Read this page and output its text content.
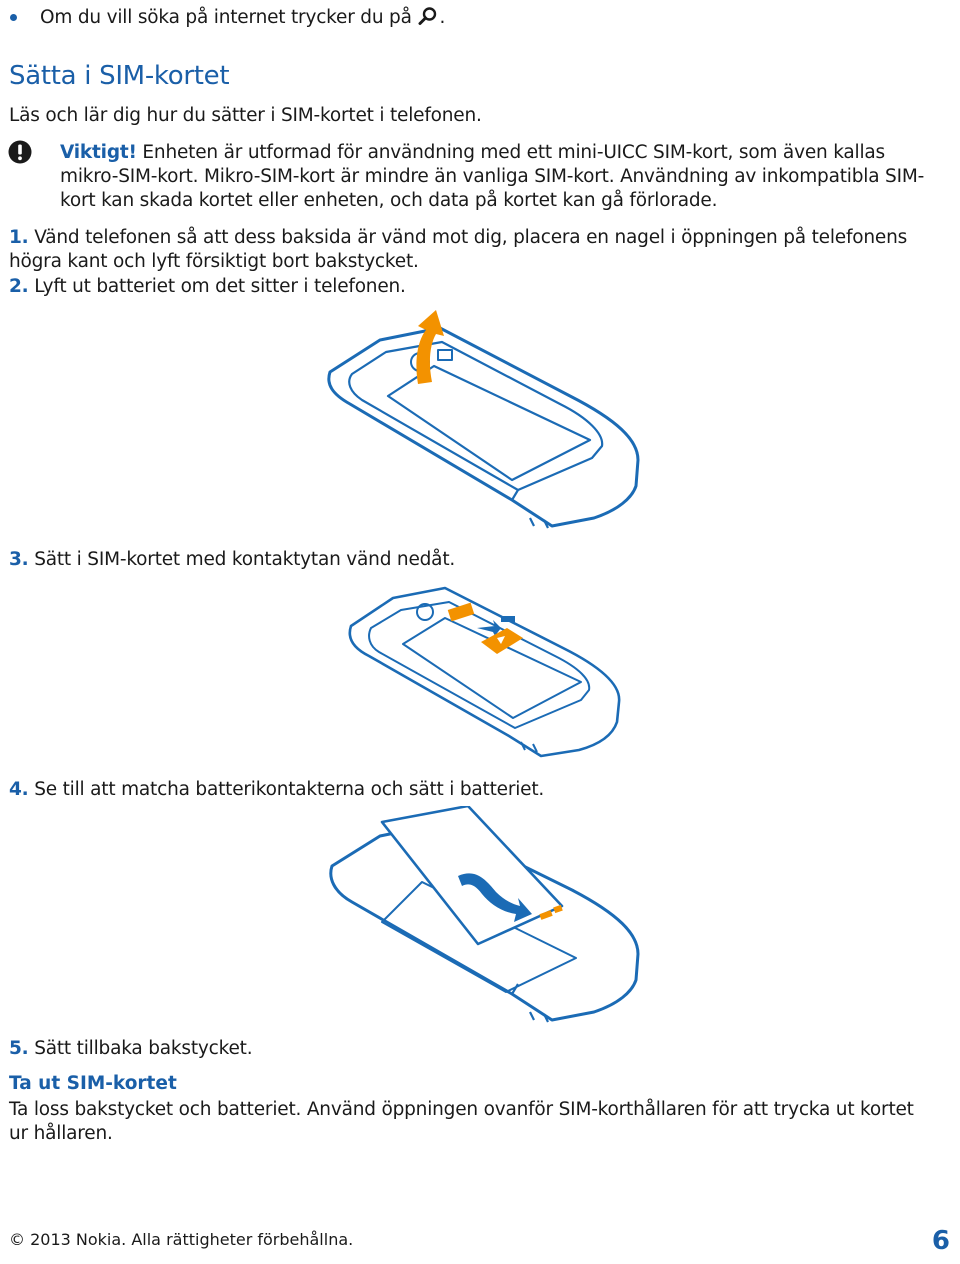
Om du vill söka på internet trycker du på .
Sätta i SIM-kortet
Läs och lär dig hur du sätter i SIM-kortet i telefonen.
Viktigt! Enheten är utformad för användning med ett mini-UICC SIM-kort, som även kallas
mikro-SIM-kort. Mikro-SIM-kort är mindre än vanliga SIM-kort. Användning av inkompatibla SIM-
kort kan skada kortet eller enheten, och data på kortet kan gå förlorade.
1. Vänd telefonen så att dess baksida är vänd mot dig, placera en nagel i öppningen på telefonens
högra kant och lyft försiktigt bort bakstycket.
2. Lyft ut batteriet om det sitter i telefonen.
3. Sätt i SIM-kortet med kontaktytan vänd nedåt.
4. Se till att matcha batterikontakterna och sätt i batteriet.
5. Sätt tillbaka bakstycket.
Ta ut SIM-kortet
Ta loss bakstycket och batteriet. Använd öppningen ovanför SIM-korthållaren för att trycka ut kortet
ur hållaren.
© 2013 Nokia. Alla rättigheter förbehållna.	6
